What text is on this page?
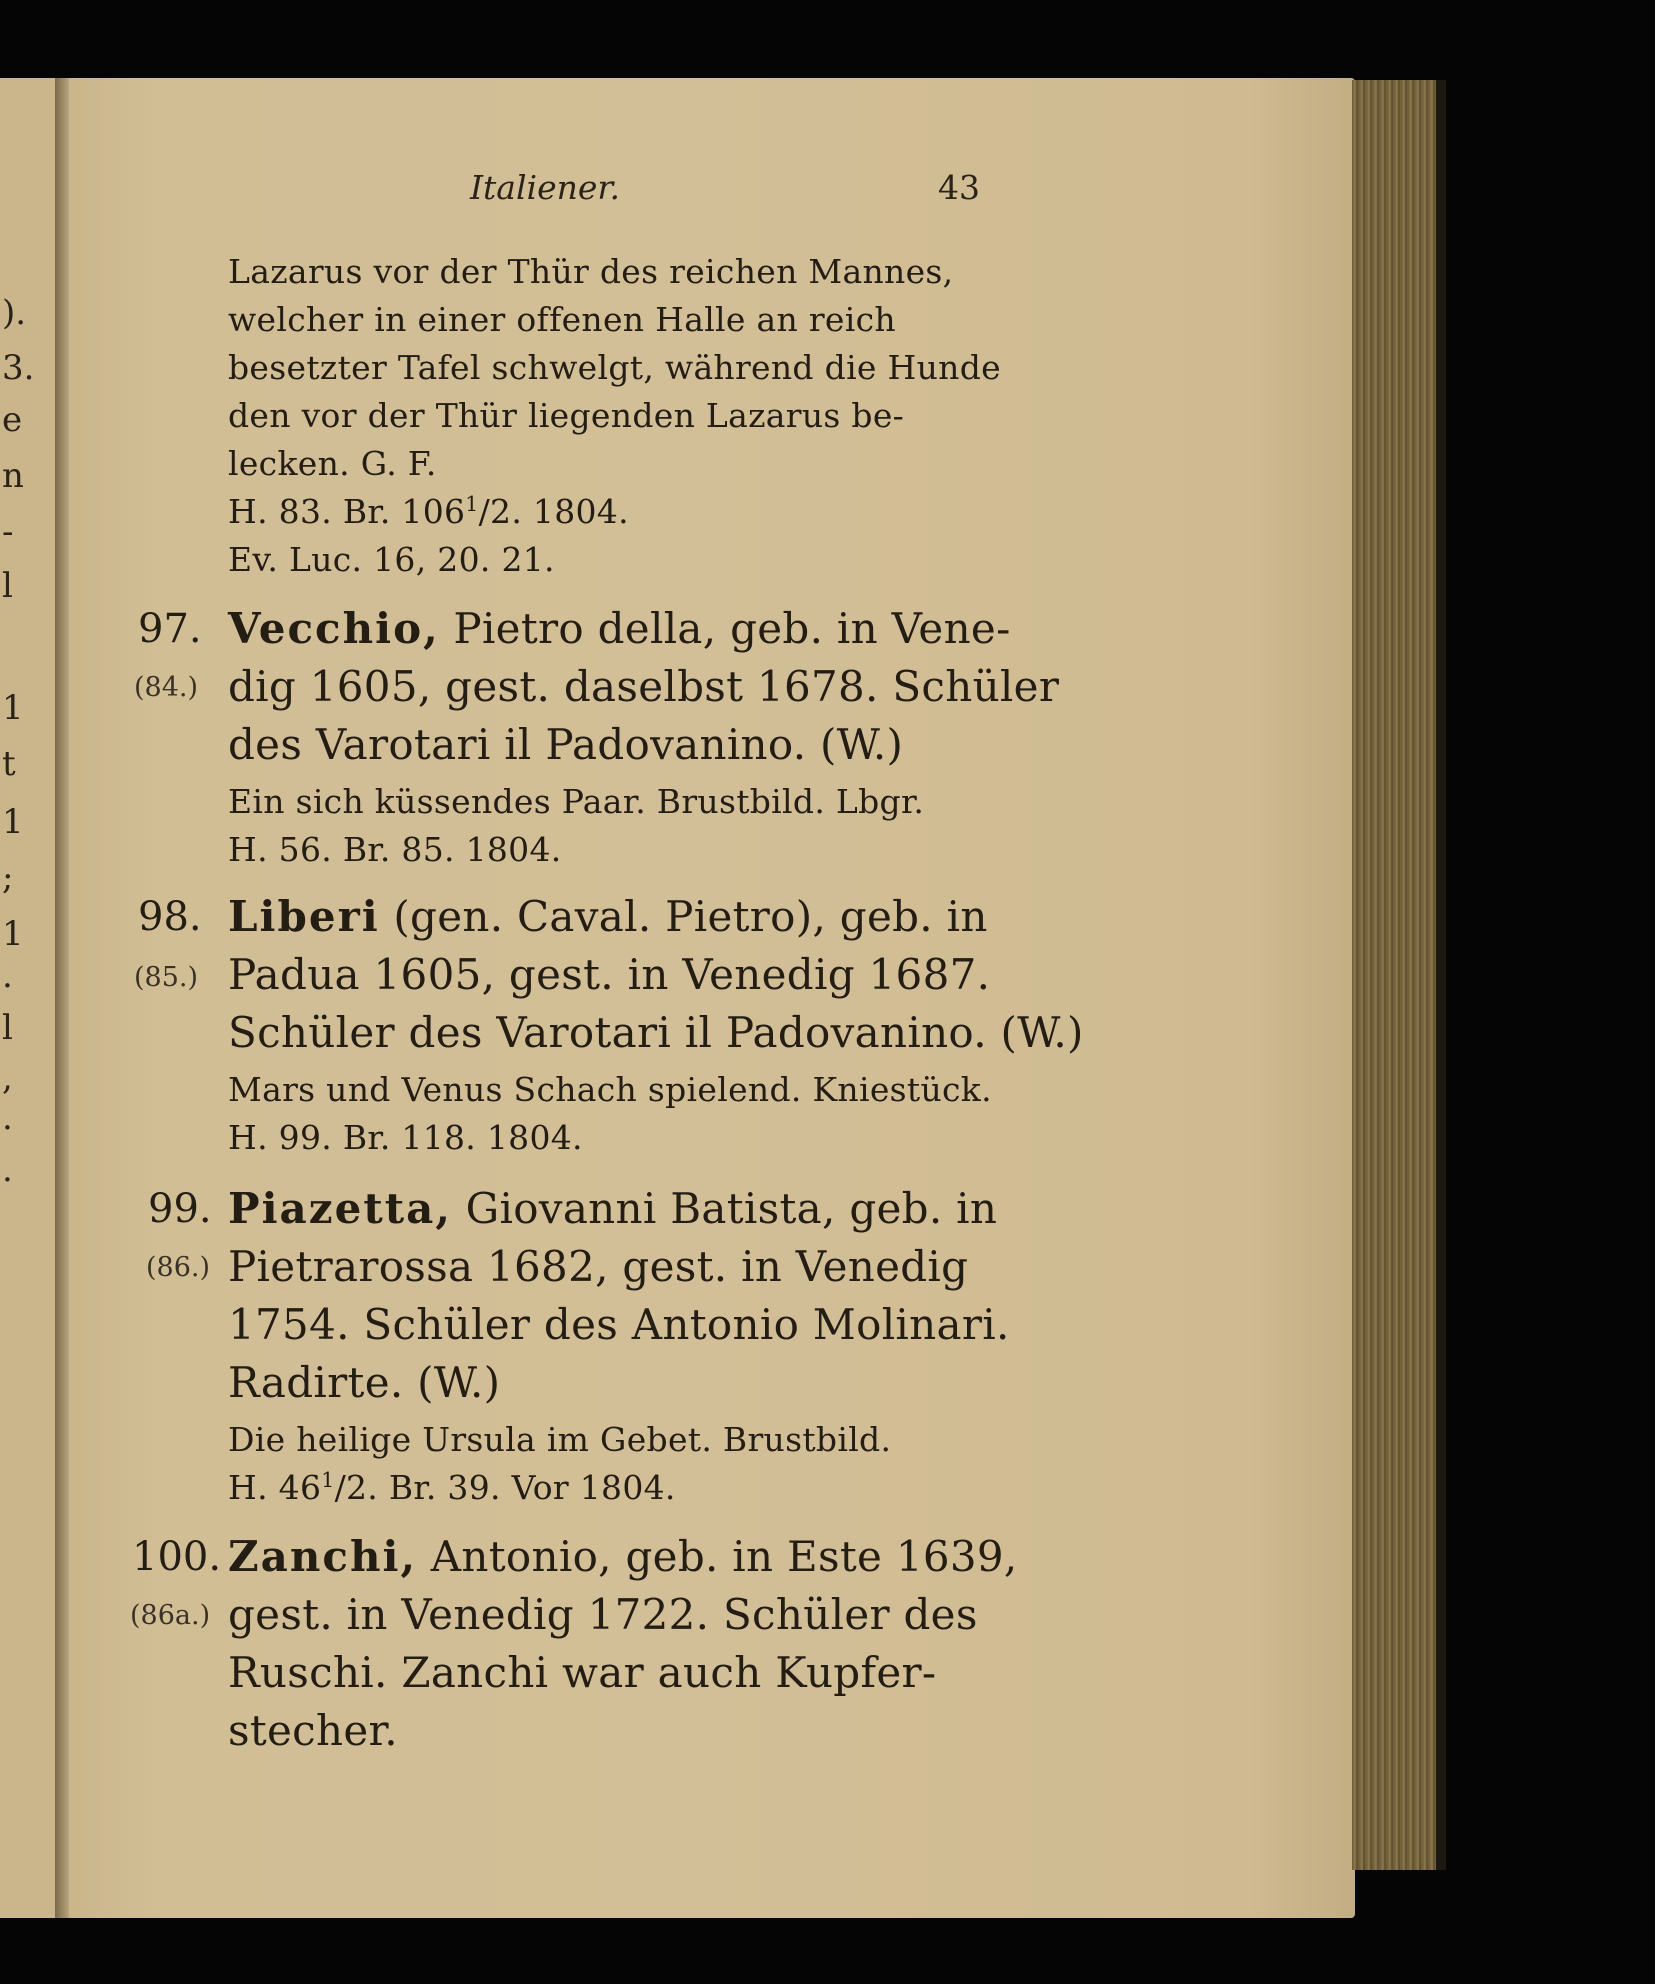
).
3.
e
n
-
l
1
t
1
;
1
.
l
,
.
.
Italiener.	43
Lazarus vor der Thür des reichen Mannes,
welcher in einer offenen Halle an reich
besetzter Tafel schwelgt, während die Hunde
den vor der Thür liegenden Lazarus be-
lecken. G. F.
H. 83. Br. $106^1/2$. 1804.
Ev. Luc. 16, 20. 21.
97.
(84.)
Vecchio, Pietro della, geb. in Vene-
dig 1605, gest. daselbst 1678. Schüler
des Varotari il Padovanino. (W.)
Ein sich küssendes Paar. Brustbild. Lbgr.
H. 56. Br. 85. 1804.
98.
(85.)
Liberi (gen. Caval. Pietro), geb. in
Padua 1605, gest. in Venedig 1687.
Schüler des Varotari il Padovanino. (W.)
Mars und Venus Schach spielend. Kniestück.
H. 99. Br. 118. 1804.
99.
(86.)
Piazetta, Giovanni Batista, geb. in
Pietrarossa 1682, gest. in Venedig
1754. Schüler des Antonio Molinari.
Radirte. (W.)
Die heilige Ursula im Gebet. Brustbild.
H. $46^1/2$. Br. 39. Vor 1804.
100.
(86a.)
Zanchi, Antonio, geb. in Este 1639,
gest. in Venedig 1722. Schüler des
Ruschi. Zanchi war auch Kupfer-
stecher.
